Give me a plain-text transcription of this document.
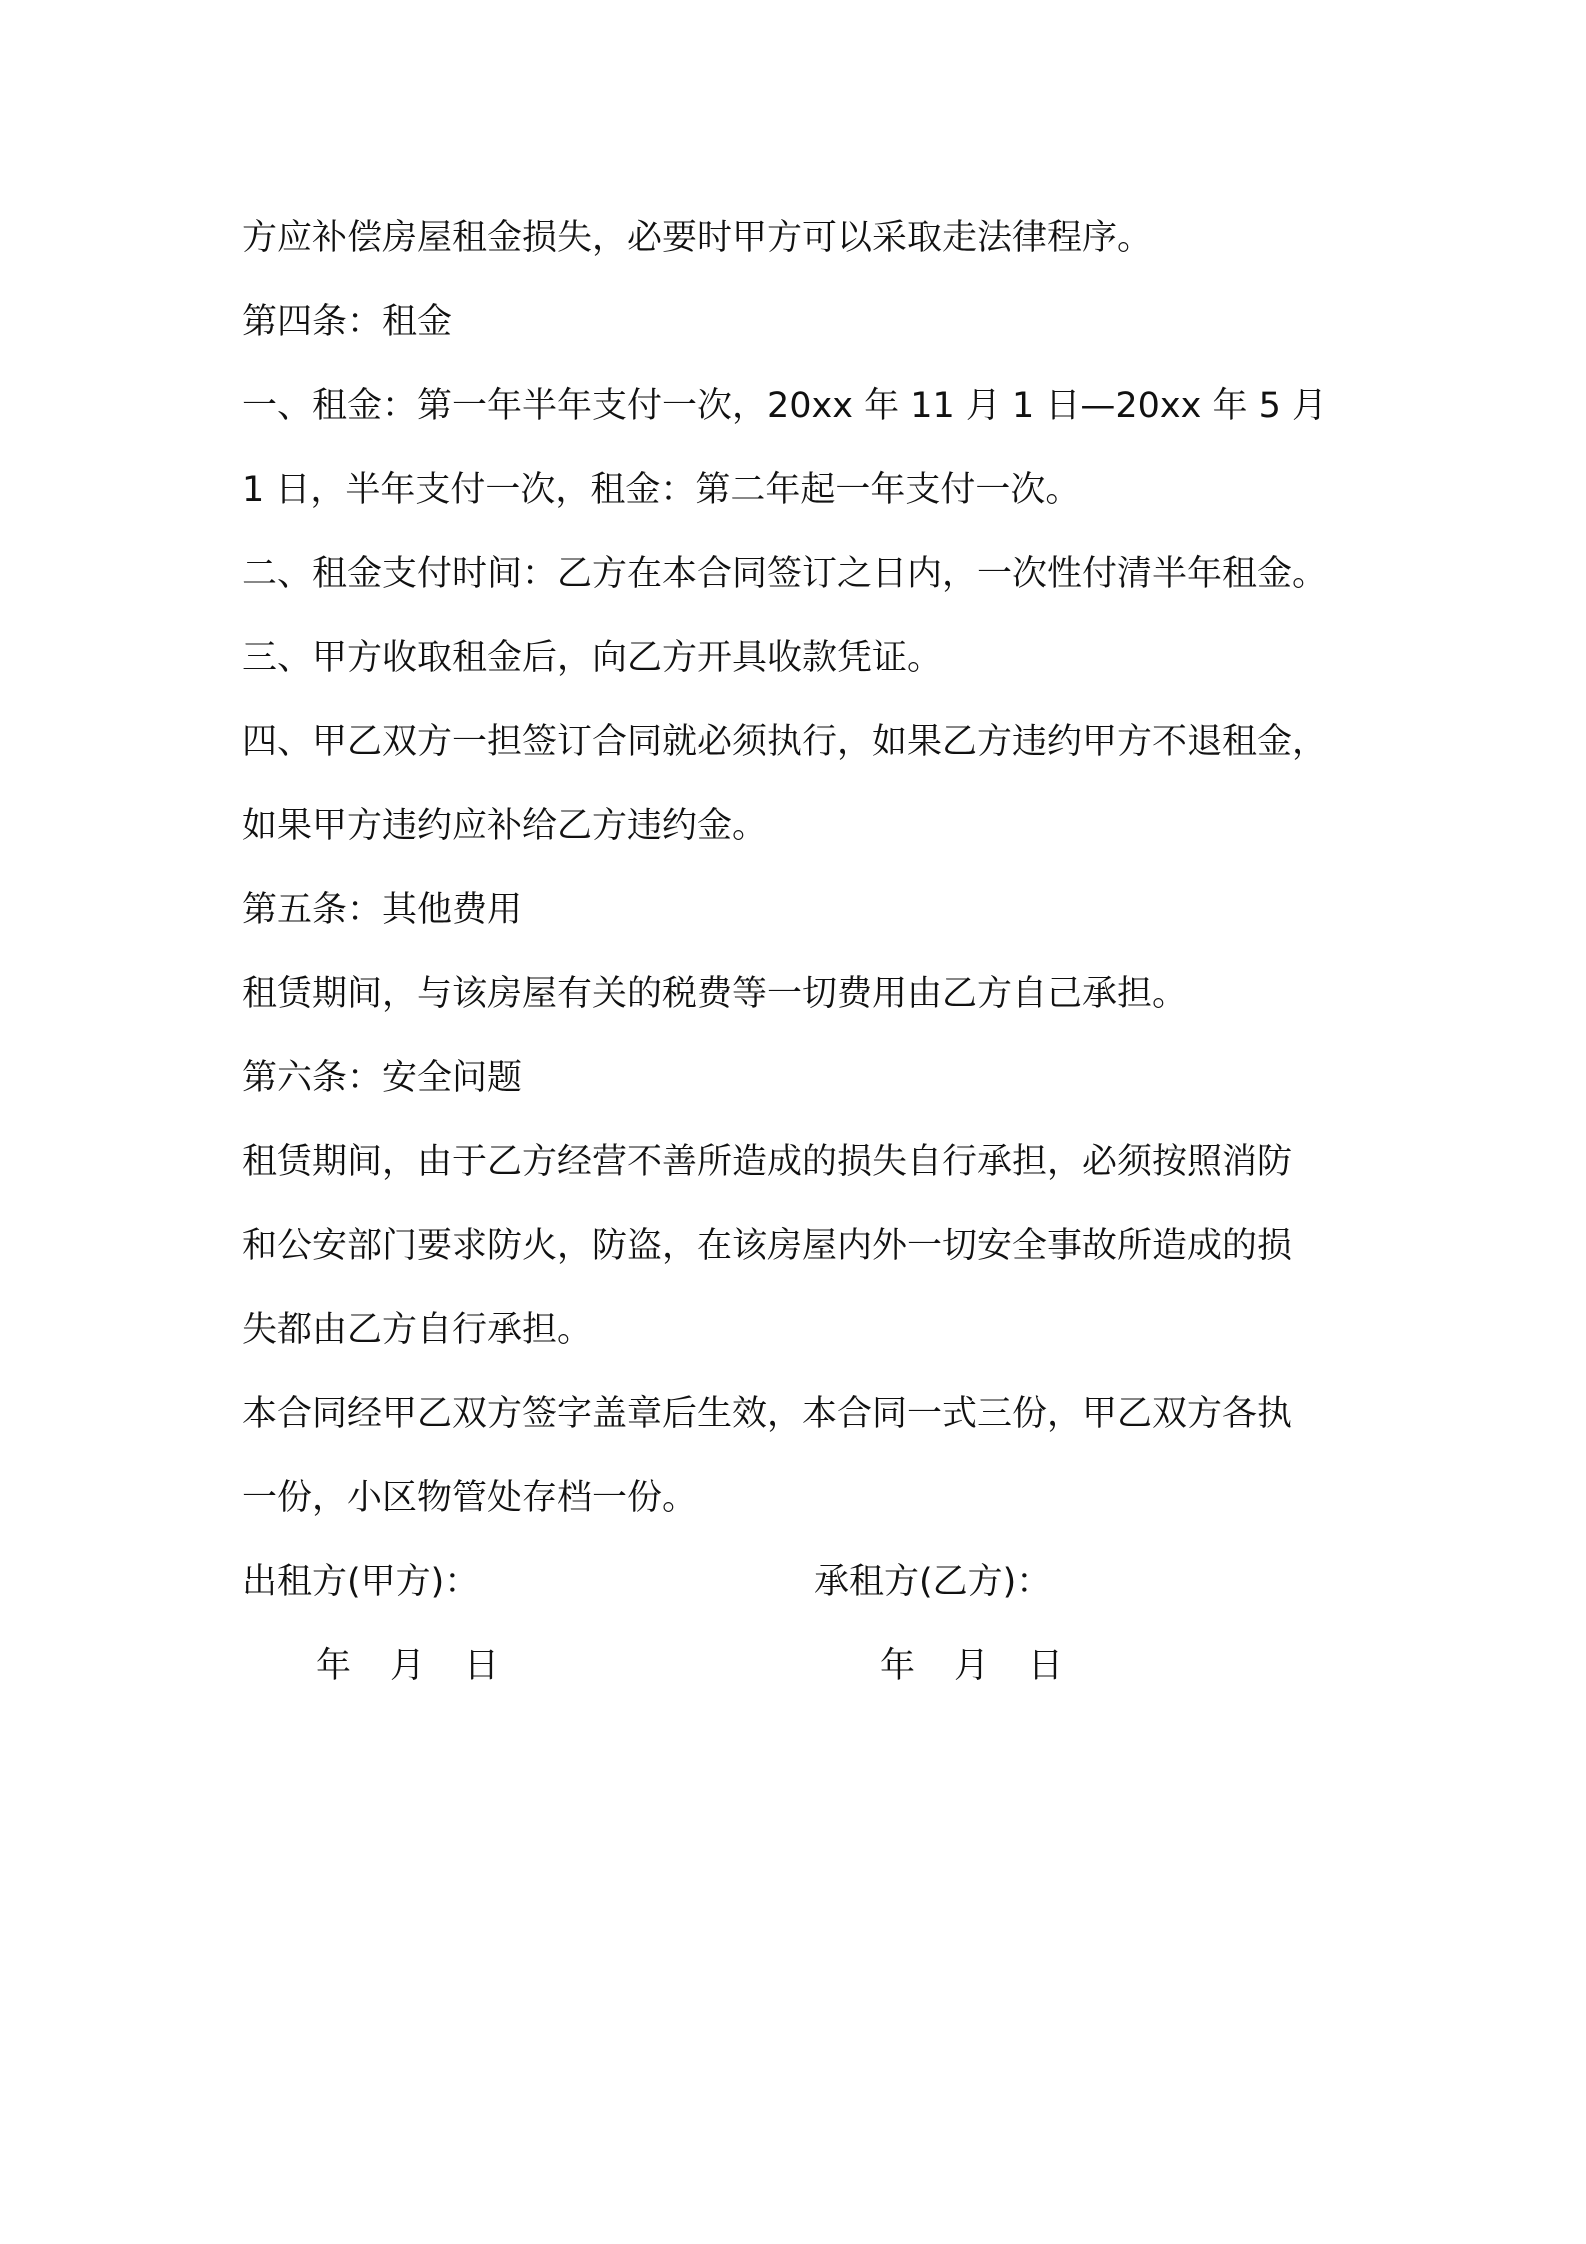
方应补偿房屋租金损失，必要时甲方可以采取走法律程序。
第四条：租金
一、租金：第一年半年支付一次，20xx 年 11 月 1 日—20xx 年 5 月
1 日，半年支付一次，租金：第二年起一年支付一次。
二、租金支付时间：乙方在本合同签订之日内，一次性付清半年租金。
三、甲方收取租金后，向乙方开具收款凭证。
四、甲乙双方一担签订合同就必须执行，如果乙方违约甲方不退租金，
如果甲方违约应补给乙方违约金。
第五条：其他费用
租赁期间，与该房屋有关的税费等一切费用由乙方自己承担。
第六条：安全问题
租赁期间，由于乙方经营不善所造成的损失自行承担，必须按照消防
和公安部门要求防火，防盗，在该房屋内外一切安全事故所造成的损
失都由乙方自行承担。
本合同经甲乙双方签字盖章后生效，本合同一式三份，甲乙双方各执
一份，小区物管处存档一份。
出租方(甲方)：	承租方(乙方)：
年 月 日	年 月 日
